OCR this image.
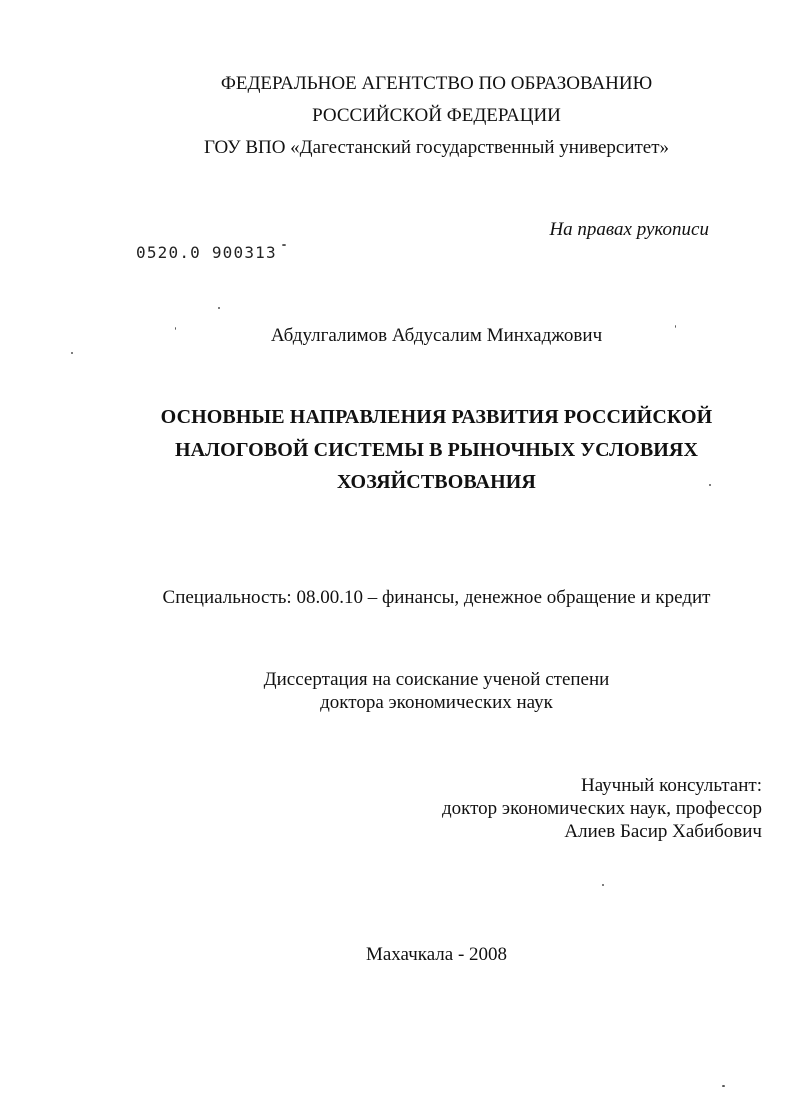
ФЕДЕРАЛЬНОЕ АГЕНТСТВО ПО ОБРАЗОВАНИЮ
РОССИЙСКОЙ ФЕДЕРАЦИИ
ГОУ ВПО «Дагестанский государственный университет»
На правах рукописи
0520.0 900313
Абдулгалимов Абдусалим Минхаджович
ОСНОВНЫЕ НАПРАВЛЕНИЯ РАЗВИТИЯ РОССИЙСКОЙ
НАЛОГОВОЙ СИСТЕМЫ В РЫНОЧНЫХ УСЛОВИЯХ
ХОЗЯЙСТВОВАНИЯ
Специальность: 08.00.10 – финансы, денежное обращение и кредит
Диссертация на соискание ученой степени
доктора экономических наук
Научный консультант:
доктор экономических наук, профессор
Алиев Басир Хабибович
Махачкала - 2008
